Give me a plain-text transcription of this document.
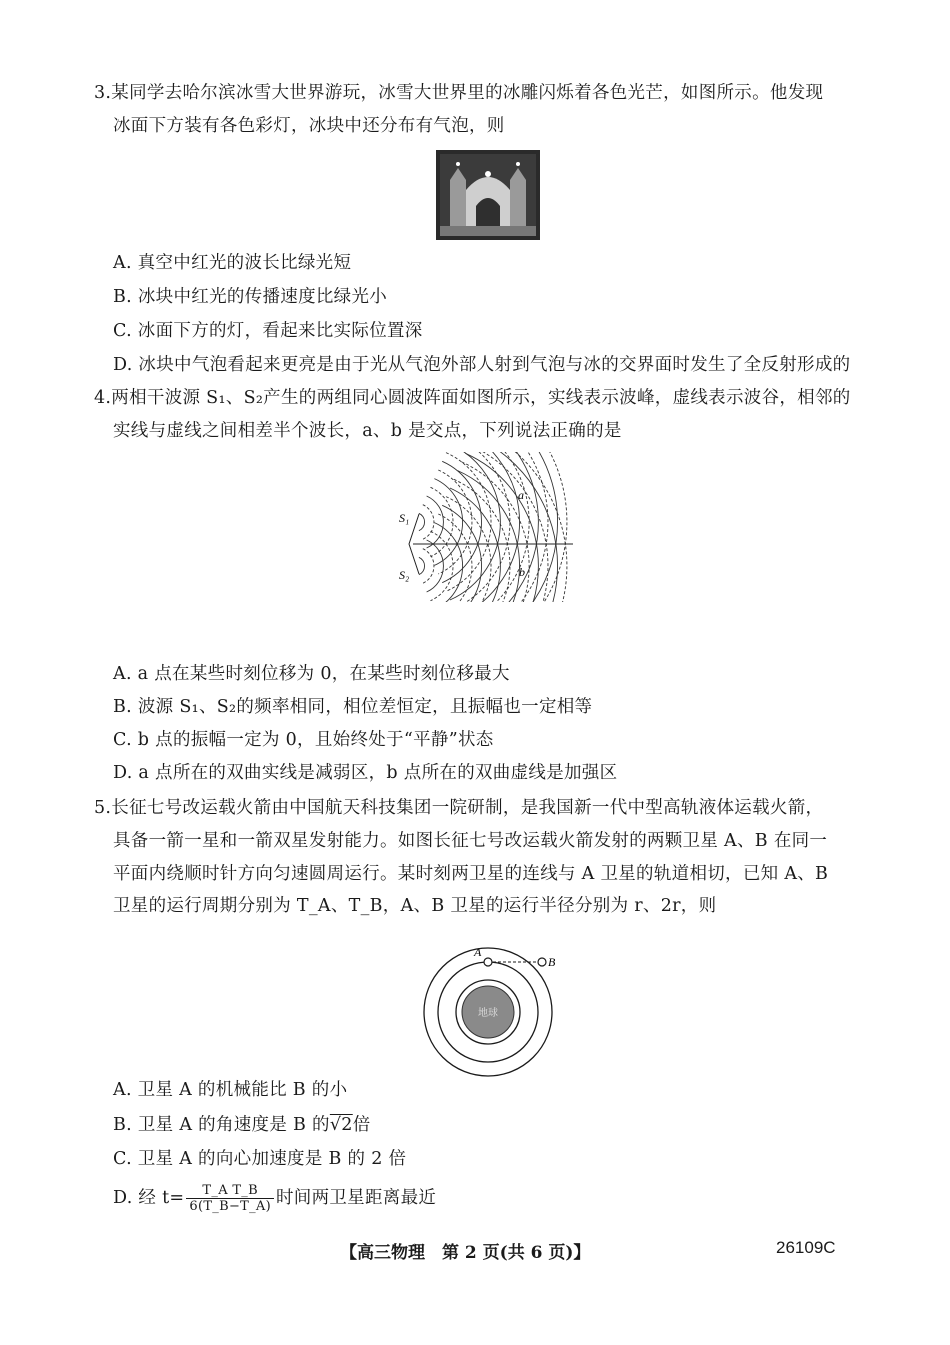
3.某同学去哈尔滨冰雪大世界游玩，冰雪大世界里的冰雕闪烁着各色光芒，如图所示。他发现
冰面下方装有各色彩灯，冰块中还分布有气泡，则
A. 真空中红光的波长比绿光短
B. 冰块中红光的传播速度比绿光小
C. 冰面下方的灯，看起来比实际位置深
D. 冰块中气泡看起来更亮是由于光从气泡外部人射到气泡与冰的交界面时发生了全反射形成的
4.两相干波源 S₁、S₂产生的两组同心圆波阵面如图所示，实线表示波峰，虚线表示波谷，相邻的
实线与虚线之间相差半个波长，a、b 是交点，下列说法正确的是
S₁
S₂
a
b
A. a 点在某些时刻位移为 0，在某些时刻位移最大
B. 波源 S₁、S₂的频率相同，相位差恒定，且振幅也一定相等
C. b 点的振幅一定为 0，且始终处于“平静”状态
D. a 点所在的双曲实线是减弱区，b 点所在的双曲虚线是加强区
5.长征七号改运载火箭由中国航天科技集团一院研制，是我国新一代中型高轨液体运载火箭，
具备一箭一星和一箭双星发射能力。如图长征七号改运载火箭发射的两颗卫星 A、B 在同一
平面内绕顺时针方向匀速圆周运行。某时刻两卫星的连线与 A 卫星的轨道相切，已知 A、B
卫星的运行周期分别为 T_A、T_B，A、B 卫星的运行半径分别为 r、2r，则
地球
A
B
A. 卫星 A 的机械能比 B 的小
B. 卫星 A 的角速度是 B 的√2倍
C. 卫星 A 的向心加速度是 B 的 2 倍
D. 经 $t= \frac{\text{T\_A T\_B}}{6(T\_B-T\_A)}$ 时间两卫星距离最近
【高三物理　第 2 页(共 6 页)】	26109C
